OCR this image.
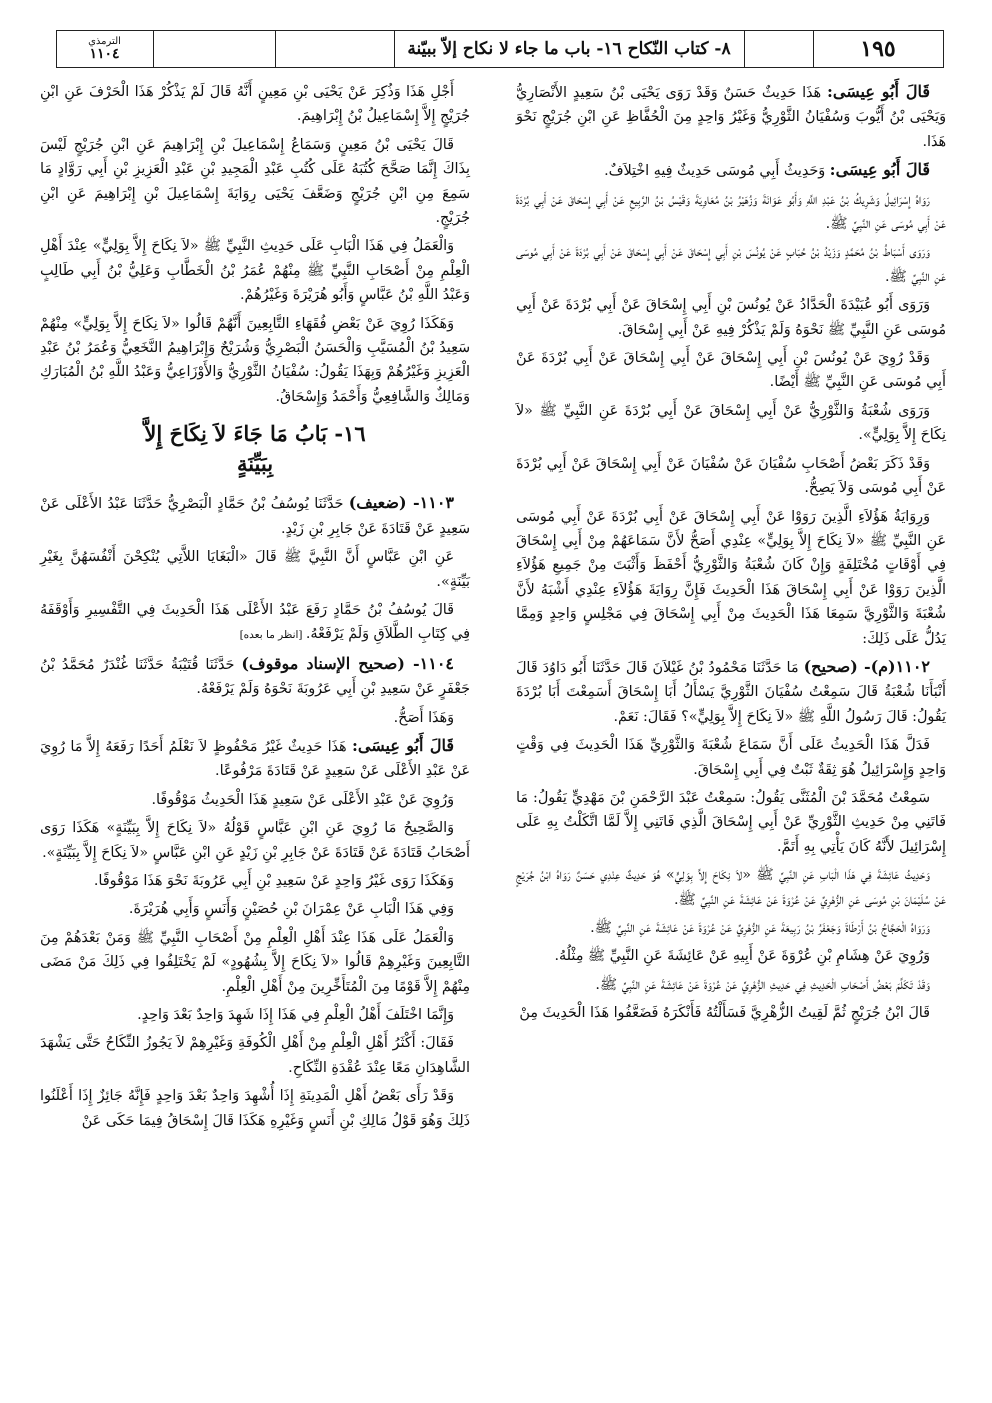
١٩٥
٨- كتاب النّكاح ١٦- باب ما جاء لا نكاح إلاّ ببيّنة
الترمذي
١١٠٤

قَالَ أَبُو عِيسَى: هَذَا حَدِيثٌ حَسَنٌ وَقَدْ رَوَى يَحْيَى بْنُ سَعِيدٍ الأَنْصَارِيُّ وَيَحْيَى بْنُ أَيُّوبَ وَسُفْيَانُ الثَّوْرِيُّ وَغَيْرُ وَاحِدٍ مِنَ الْحُفَّاظِ عَنِ ابْنِ جُرَيْجٍ نَحْوَ هَذَا.

قَالَ أَبُو عِيسَى: وَحَدِيثُ أَبِي مُوسَى حَدِيثٌ فِيهِ اخْتِلاَفٌ.

رَوَاهُ إِسْرَائِيلُ وَشَرِيكُ بْنُ عَبْدِ اللَّهِ وَأَبُو عَوَانَةَ وَزُهَيْرُ بْنُ مُعَاوِيَةَ وَقَيْسُ بْنُ الرَّبِيعِ عَنْ أَبِي إِسْحَاقَ عَنْ أَبِي بُرْدَةَ عَنْ أَبِي مُوسَى عَنِ النَّبِيِّ ﷺ.

وَرَوَى أَسْبَاطُ بْنُ مُحَمَّدٍ وَزَيْدُ بْنُ حُبَابٍ عَنْ يُونُسَ بْنِ أَبِي إِسْحَاقَ عَنْ أَبِي إِسْحَاقَ عَنْ أَبِي بُرْدَةَ عَنْ أَبِي مُوسَى عَنِ النَّبِيِّ ﷺ.

وَرَوَى أَبُو عُبَيْدَةَ الْحَدَّادُ عَنْ يُونُسَ بْنِ أَبِي إِسْحَاقَ عَنْ أَبِي بُرْدَةَ عَنْ أَبِي مُوسَى عَنِ النَّبِيِّ ﷺ نَحْوَهُ وَلَمْ يَذْكُرْ فِيهِ عَنْ أَبِي إِسْحَاقَ.

وَقَدْ رُوِيَ عَنْ يُونُسَ بْنِ أَبِي إِسْحَاقَ عَنْ أَبِي إِسْحَاقَ عَنْ أَبِي بُرْدَةَ عَنْ أَبِي مُوسَى عَنِ النَّبِيِّ ﷺ أَيْضًا.

وَرَوَى شُعْبَةُ وَالثَّوْرِيُّ عَنْ أَبِي إِسْحَاقَ عَنْ أَبِي بُرْدَةَ عَنِ النَّبِيِّ ﷺ «لاَ نِكَاحَ إِلاَّ بِوَلِيٍّ».

وَقَدْ ذَكَرَ بَعْضُ أَصْحَابِ سُفْيَانَ عَنْ سُفْيَانَ عَنْ أَبِي إِسْحَاقَ عَنْ أَبِي بُرْدَةَ عَنْ أَبِي مُوسَى وَلاَ يَصِحُّ.

وَرِوَايَةُ هَؤُلاَءِ الَّذِينَ رَوَوْا عَنْ أَبِي إِسْحَاقَ عَنْ أَبِي بُرْدَةَ عَنْ أَبِي مُوسَى عَنِ النَّبِيِّ ﷺ «لاَ نِكَاحَ إِلاَّ بِوَلِيٍّ» عِنْدِي أَصَحُّ لأَنَّ سَمَاعَهُمْ مِنْ أَبِي إِسْحَاقَ فِي أَوْقَاتٍ مُخْتَلِفَةٍ وَإِنْ كَانَ شُعْبَةُ وَالثَّوْرِيُّ أَحْفَظَ وَأَثْبَتَ مِنْ جَمِيعِ هَؤُلاَءِ الَّذِينَ رَوَوْا عَنْ أَبِي إِسْحَاقَ هَذَا الْحَدِيثَ فَإِنَّ رِوَايَةَ هَؤُلاَءِ عِنْدِي أَشْبَهُ لأَنَّ شُعْبَةَ وَالثَّوْرِيَّ سَمِعَا هَذَا الْحَدِيثَ مِنْ أَبِي إِسْحَاقَ فِي مَجْلِسٍ وَاحِدٍ وَمِمَّا يَدُلُّ عَلَى ذَلِكَ:

١١٠٢(م)- (صحيح) مَا حَدَّثَنَا مَحْمُودُ بْنُ غَيْلاَنَ قَالَ حَدَّثَنَا أَبُو دَاوُدَ قَالَ أَنْبَأَنَا شُعْبَةُ قَالَ سَمِعْتُ سُفْيَانَ الثَّوْرِيَّ يَسْأَلُ أَبَا إِسْحَاقَ أَسَمِعْتَ أَبَا بُرْدَةَ يَقُولُ: قَالَ رَسُولُ اللَّهِ ﷺ «لاَ نِكَاحَ إِلاَّ بِوَلِيٍّ»؟ فَقَالَ: نَعَمْ.

فَدَلَّ هَذَا الْحَدِيثُ عَلَى أَنَّ سَمَاعَ شُعْبَةَ وَالثَّوْرِيِّ هَذَا الْحَدِيثَ فِي وَقْتٍ وَاحِدٍ وَإِسْرَائِيلُ هُوَ ثِقَةٌ ثَبْتٌ فِي أَبِي إِسْحَاقَ.

سَمِعْتُ مُحَمَّدَ بْنَ الْمُثَنَّى يَقُولُ: سَمِعْتُ عَبْدَ الرَّحْمَنِ بْنَ مَهْدِيٍّ يَقُولُ: مَا فَاتَنِي مِنْ حَدِيثِ الثَّوْرِيِّ عَنْ أَبِي إِسْحَاقَ الَّذِي فَاتَنِي إِلاَّ لَمَّا اتَّكَلْتُ بِهِ عَلَى إِسْرَائِيلَ لأَنَّهُ كَانَ يَأْتِي بِهِ أَتَمَّ.

وَحَدِيثُ عَائِشَةَ فِي هَذَا الْبَابِ عَنِ النَّبِيِّ ﷺ «لاَ نِكَاحَ إِلاَّ بِوَلِيٍّ» هُوَ حَدِيثٌ عِنْدِي حَسَنٌ رَوَاهُ ابْنُ جُرَيْجٍ عَنْ سُلَيْمَانَ بْنِ مُوسَى عَنِ الزُّهْرِيِّ عَنْ عُرْوَةَ عَنْ عَائِشَةَ عَنِ النَّبِيِّ ﷺ.

وَرَوَاهُ الْحَجَّاجُ بْنُ أَرْطَاةَ وَجَعْفَرُ بْنُ رَبِيعَةَ عَنِ الزُّهْرِيِّ عَنْ عُرْوَةَ عَنْ عَائِشَةَ عَنِ النَّبِيِّ ﷺ.

وَرُوِيَ عَنْ هِشَامِ بْنِ عُرْوَةَ عَنْ أَبِيهِ عَنْ عَائِشَةَ عَنِ النَّبِيِّ ﷺ مِثْلُهُ.

وَقَدْ تَكَلَّمَ بَعْضُ أَصْحَابِ الْحَدِيثِ فِي حَدِيثِ الزُّهْرِيِّ عَنْ عُرْوَةَ عَنْ عَائِشَةَ عَنِ النَّبِيِّ ﷺ.

قَالَ ابْنُ جُرَيْجٍ ثُمَّ لَقِيتُ الزُّهْرِيَّ فَسَأَلْتُهُ فَأَنْكَرَهُ فَضَعَّفُوا هَذَا الْحَدِيثَ مِنْ

أَجْلِ هَذَا وَذُكِرَ عَنْ يَحْيَى بْنِ مَعِينٍ أَنَّهُ قَالَ لَمْ يَذْكُرْ هَذَا الْحَرْفَ عَنِ ابْنِ جُرَيْجٍ إِلاَّ إِسْمَاعِيلُ بْنُ إِبْرَاهِيمَ.

قَالَ يَحْيَى بْنُ مَعِينٍ وَسَمَاعُ إِسْمَاعِيلَ بْنِ إِبْرَاهِيمَ عَنِ ابْنِ جُرَيْجٍ لَيْسَ بِذَاكَ إِنَّمَا صَحَّحَ كُتُبَهُ عَلَى كُتُبِ عَبْدِ الْمَجِيدِ بْنِ عَبْدِ الْعَزِيزِ بْنِ أَبِي رَوَّادٍ مَا سَمِعَ مِنِ ابْنِ جُرَيْجٍ وَضَعَّفَ يَحْيَى رِوَايَةَ إِسْمَاعِيلَ بْنِ إِبْرَاهِيمَ عَنِ ابْنِ جُرَيْجٍ.

وَالْعَمَلُ فِي هَذَا الْبَابِ عَلَى حَدِيثِ النَّبِيِّ ﷺ «لاَ نِكَاحَ إِلاَّ بِوَلِيٍّ» عِنْدَ أَهْلِ الْعِلْمِ مِنْ أَصْحَابِ النَّبِيِّ ﷺ مِنْهُمْ عُمَرُ بْنُ الْخَطَّابِ وَعَلِيُّ بْنُ أَبِي طَالِبٍ وَعَبْدُ اللَّهِ بْنُ عَبَّاسٍ وَأَبُو هُرَيْرَةَ وَغَيْرُهُمْ.

وَهَكَذَا رُوِيَ عَنْ بَعْضِ فُقَهَاءِ التَّابِعِينَ أَنَّهُمْ قَالُوا «لاَ نِكَاحَ إِلاَّ بِوَلِيٍّ» مِنْهُمْ سَعِيدُ بْنُ الْمُسَيَّبِ وَالْحَسَنُ الْبَصْرِيُّ وَشُرَيْحٌ وَإِبْرَاهِيمُ النَّخَعِيُّ وَعُمَرُ بْنُ عَبْدِ الْعَزِيزِ وَغَيْرُهُمْ وَبِهَذَا يَقُولُ: سُفْيَانُ الثَّوْرِيُّ وَالأَوْزَاعِيُّ وَعَبْدُ اللَّهِ بْنُ الْمُبَارَكِ وَمَالِكٌ وَالشَّافِعِيُّ وَأَحْمَدُ وَإِسْحَاقُ.

١٦- بَابُ مَا جَاءَ لاَ نِكَاحَ إِلاَّ
بِبَيِّنَةٍ

١١٠٣- (ضعيف) حَدَّثَنَا يُوسُفُ بْنُ حَمَّادٍ الْبَصْرِيُّ حَدَّثَنَا عَبْدُ الأَعْلَى عَنْ سَعِيدٍ عَنْ قَتَادَةَ عَنْ جَابِرِ بْنِ زَيْدٍ.

عَنِ ابْنِ عَبَّاسٍ أَنَّ النَّبِيَّ ﷺ قَالَ «الْبَغَايَا اللاَّتِي يُنْكِحْنَ أَنْفُسَهُنَّ بِغَيْرِ بَيِّنَةٍ».

قَالَ يُوسُفُ بْنُ حَمَّادٍ رَفَعَ عَبْدُ الأَعْلَى هَذَا الْحَدِيثَ فِي التَّفْسِيرِ وَأَوْقَفَهُ فِي كِتَابِ الطَّلاَقِ وَلَمْ يَرْفَعْهُ. [انظر ما بعده]

١١٠٤- (صحيح الإسناد موقوف) حَدَّثَنَا قُتَيْبَةُ حَدَّثَنَا غُنْدَرٌ مُحَمَّدُ بْنُ جَعْفَرٍ عَنْ سَعِيدِ بْنِ أَبِي عَرُوبَةَ نَحْوَهُ وَلَمْ يَرْفَعْهُ.

وَهَذَا أَصَحُّ.

قَالَ أَبُو عِيسَى: هَذَا حَدِيثٌ غَيْرُ مَحْفُوظٍ لاَ نَعْلَمُ أَحَدًا رَفَعَهُ إِلاَّ مَا رُوِيَ عَنْ عَبْدِ الأَعْلَى عَنْ سَعِيدٍ عَنْ قَتَادَةَ مَرْفُوعًا.

وَرُوِيَ عَنْ عَبْدِ الأَعْلَى عَنْ سَعِيدٍ هَذَا الْحَدِيثُ مَوْقُوفًا.

وَالصَّحِيحُ مَا رُوِيَ عَنِ ابْنِ عَبَّاسٍ قَوْلُهُ «لاَ نِكَاحَ إِلاَّ بِبَيِّنَةٍ» هَكَذَا رَوَى أَصْحَابُ قَتَادَةَ عَنْ قَتَادَةَ عَنْ جَابِرِ بْنِ زَيْدٍ عَنِ ابْنِ عَبَّاسٍ «لاَ نِكَاحَ إِلاَّ بِبَيِّنَةٍ».

وَهَكَذَا رَوَى غَيْرُ وَاحِدٍ عَنْ سَعِيدِ بْنِ أَبِي عَرُوبَةَ نَحْوَ هَذَا مَوْقُوفًا.

وَفِي هَذَا الْبَابِ عَنْ عِمْرَانَ بْنِ حُصَيْنٍ وَأَنَسٍ وَأَبِي هُرَيْرَةَ.

وَالْعَمَلُ عَلَى هَذَا عِنْدَ أَهْلِ الْعِلْمِ مِنْ أَصْحَابِ النَّبِيِّ ﷺ وَمَنْ بَعْدَهُمْ مِنَ التَّابِعِينَ وَغَيْرِهِمْ قَالُوا «لاَ نِكَاحَ إِلاَّ بِشُهُودٍ» لَمْ يَخْتَلِفُوا فِي ذَلِكَ مَنْ مَضَى مِنْهُمْ إِلاَّ قَوْمًا مِنَ الْمُتَأَخِّرِينَ مِنْ أَهْلِ الْعِلْمِ.

وَإِنَّمَا اخْتَلَفَ أَهْلُ الْعِلْمِ فِي هَذَا إِذَا شَهِدَ وَاحِدٌ بَعْدَ وَاحِدٍ.

فَقَالَ: أَكْثَرُ أَهْلِ الْعِلْمِ مِنْ أَهْلِ الْكُوفَةِ وَغَيْرِهِمْ لاَ يَجُوزُ النِّكَاحُ حَتَّى يَشْهَدَ الشَّاهِدَانِ مَعًا عِنْدَ عُقْدَةِ النِّكَاحِ.

وَقَدْ رَأَى بَعْضُ أَهْلِ الْمَدِينَةِ إِذَا أُشْهِدَ وَاحِدٌ بَعْدَ وَاحِدٍ فَإِنَّهُ جَائِزٌ إِذَا أَعْلَنُوا ذَلِكَ وَهُوَ قَوْلُ مَالِكِ بْنِ أَنَسٍ وَغَيْرِهِ هَكَذَا قَالَ إِسْحَاقُ فِيمَا حَكَى عَنْ
